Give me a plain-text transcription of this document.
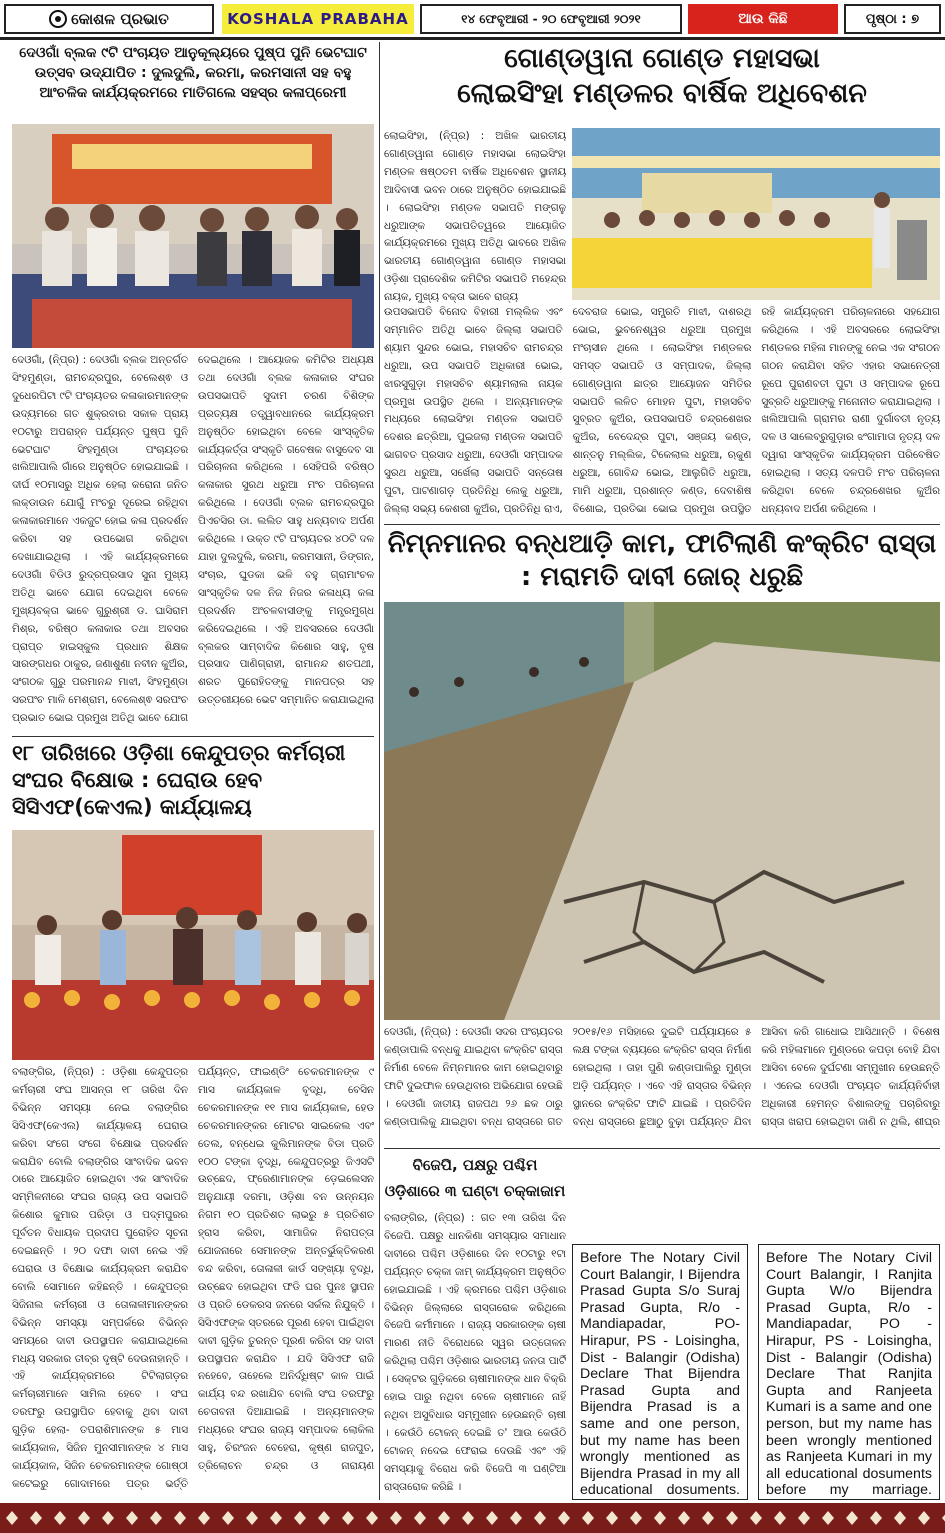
କୋଶଳ ପ୍ରଭାତ	KOSHALA PRABAHA	୧୪ ଫେବୃଆରୀ - ୨୦ ଫେବୃଆରୀ ୨୦୨୧	ଆଉ କିଛି	ପୃଷ୍ଠା : ୭
ଦେଓଗାଁ ବ୍ଲକ ୯ଟି ପଂଚାୟତ ଆନୁକୂଲ୍ୟରେ ପୁଷ୍ପ ପୁନି ଭେଟଘାଟ ଉତ୍ସବ ଉଦ୍‌ଯାପିତ : ଦୁଲଦୁଲି, କରମା, କରମସାନୀ ସହ ବହୁ ଆଂଚଳିକ କାର୍ଯ୍ୟକ୍ରମରେ ମାତିଗଲେ ସହସ୍ର କଳାପ୍ରେମୀ
ଦେଓଗାଁ, (ନି୍ପ୍ର) : ଦେଓଗାଁ ବ୍ଲକ ଅନ୍ତର୍ଗତ ସିଂହମୁଣ୍ଡା, ରାମଚନ୍ଦ୍ରପୁର, ବେଲେଶ୍ଵ ଓ ଦୁଧେରପିଟା ୯ଟି ପଂଚାୟତର କଳାକାରମାନଙ୍କ ଉଦ୍ୟମରେ ଗତ ଶୁକ୍ରବାର ସକାଳ ପ୍ରାୟ ୧୦ଟାରୁ ଅପରାହ୍ନ ପର୍ଯ୍ୟନ୍ତ ପୁଷ୍ପ ପୁନି ଭେଟଘାଟ ସିଂହମୁଣ୍ଡା ପଂଚାୟତର ଖଲିଆପାଲି ଗାଁରେ ଅନୁଷ୍ଠିତ ହୋଇଯାଇଛି । ଦୀର୍ଘ ୧୦ମାସରୁ ଅଧିକ ହେଲା କରୋନା ଜନିତ ଲକ୍‌ଡାଉନ ଯୋଗୁଁ ମଂଚରୁ ଦୂରେଇ ରହିଥିବା କଳାକାରମାନେ ଏକଜୁଟ ହୋଇ କଳା ପ୍ରଦର୍ଶନ କରିବା ସହ ଉପଭୋଗ କରିଥିବା ଦେଖାଯାଇଥିଲା । ଏହି କାର୍ଯ୍ୟକ୍ରମରେ ଦେଓଗାଁ ବିଡିଓ ରୁଦ୍ରପ୍ରସାଦ ସୁନା ମୁଖ୍ୟ ଅତିଥି ଭାବେ ଯୋଗ ଦେଇଥିବା ବେଳେ ମୁଖ୍ୟବକ୍ତା ଭାବେ ଗୁରୁଶ୍ରୀ ଡ. ଘାସିରାମ ମିଶ୍ର, ବରିଷ୍ଠ କଳାକାର ତଥା ଅବସର ପ୍ରାପ୍ତ ହାଇସ୍କୁଲ ପ୍ରଧାନ ଶିକ୍ଷକ ସାରଙ୍ଗଧର ଠାକୁର, ଜଣାଶୁଣା ନବୀନ କୁଅଁର, ସଂଗଠକ ଗୁରୁ ପରମାନନ୍ଦ ମାଝୀ, ସିଂହମୁଣ୍ଡା ସରପଂଚ ମାଳି ମେଶ୍ରାମ, ବେଲେଶ୍ଵ ସରପଂଚ ପ୍ରଭାତ ଭୋଇ ପ୍ରମୁଖ ଅତିଥି ଭାବେ ଯୋଗ ଦେଇଥିଲେ । ଆୟୋଜକ କମିଟିର ଅଧ୍ୟକ୍ଷ ତଥା ଦେଓଗାଁ ବ୍ଲକ କଳାକାର ସଂଘର ଉପସଭାପତି ସୁଦାମ ଚରଣ ବିଶିଙ୍କ ପ୍ରତ୍ୟକ୍ଷ ତତ୍ତ୍ୱାବଧାନରେ କାର୍ଯ୍ୟକ୍ରମ ଅନୁଷ୍ଠିତ ହୋଇଥିବା ବେଳେ ସାଂସ୍କୃତିକ କାର୍ଯ୍ୟକର୍ତ୍ତା ସଂସ୍କୃତି ଗବେଷକ ବାସୁଦେବ ସା ପରିଚାଳନା କରିଥିଲେ । ସେହିପରି ବରିଷ୍ଠ କଳାକାର ସୁରଥ ଧରୁଆ ମଂଚ ପରିଚାଳନା କରିଥିଲେ । ଦେଓଗାଁ ବ୍ଲକ ରାମଚନ୍ଦ୍ରପୁର ପିଏଚସିର ଡା. ଲଲିତ ସାହୁ ଧନ୍ୟବାଦ ଅର୍ପଣ କରିଥିଲେ । ଉକ୍ତ ୯ଟି ପଂଚାୟତର ୪୦ଟି ଦଳ ଯାହା ଦୁଲଦୁଲି, କରମା, କରମସାନୀ, ଡିଙ୍ଗନ, ସଂଚାର, ଘୁଡକା ଭଳି ବହୁ ଗ୍ରାମାଂଚଳ ସାଂସ୍କୃତିକ ଦଳ ନିଜ ନିଜର କଳାଧ୍ୟ କଳା ପ୍ରଦର୍ଶନ ଅଂଚଳବାସୀଙ୍କୁ ମନ୍ତ୍ରମୁଗ୍ଧ କରିଦେଇଥିଲେ । ଏହି ଅବସରରେ ଦେଓଗାଁ ବ୍ଲକର ସାମ୍ବାଦିକ କିଶୋର ସାହୁ, ବୃଷ ପ୍ରସାଦ ପାଣିଗ୍ରାହୀ, ରାମାନନ୍ଦ ଶତପଥୀ, ଶରତ ପୁରୋହିତଙ୍କୁ ମାନପତ୍ର ସହ ଉତ୍ତରୀୟରେ ଭେଟ ସମ୍ମାନିତ କରାଯାଇଥିଲା
୧୮ ତାରିଖରେ ଓଡ଼ିଶା କେନ୍ଦୁପତ୍ର କର୍ମଚାରୀ ସଂଘର ବିକ୍ଷୋଭ : ଘେରାଉ ହେବ ସିସିଏଫ(କେଏଲ) କାର୍ଯ୍ୟାଳୟ
ବଲାଙ୍ଗିର, (ନି୍ପ୍ର) : ଓଡ଼ିଶା କେନ୍ଦୁପତ୍ର କର୍ମଚାରୀ ସଂଘ ଆସନ୍ତା ୧୮ ତାରିଖ ଦିନ ବିଭିନ୍ନ ସମସ୍ୟା ନେଇ ବଲାଙ୍ଗିର ସିସିଏଫ(କେଏଲ) କାର୍ଯ୍ୟାଳୟ ଘେରାଉ କରିବା ସଂଗେ ସଂଗେ ବିକ୍ଷୋଭ ପ୍ରଦର୍ଶନ କରାଯିବ ବୋଲି ବଲାଙ୍ଗିର ସାଂବାଦିକ ଭବନ ଠାରେ ଆୟୋଜିତ ହୋଇଥିବା ଏକ ସାଂବାଦିକ ସମ୍ମିଳନୀରେ ସଂଘର ରାଜ୍ୟ ଉପ ସଭାପତି କିଶୋର କୁମାର ପରିଡ଼ା ଓ ପଦ୍ମପୁରର ପୂର୍ବତନ ବିଧାୟକ ପ୍ରଦୀପ ପୁରୋହିତ ସୂଚନା ଦେଇଛନ୍ତି । ୨୦ ଦଫା ଦାବୀ ନେଇ ଏହି ଘେରାଉ ଓ ବିକ୍ଷୋଭ କାର୍ଯ୍ୟକ୍ରମ କରାଯିବ ବୋଲି ସୋମାନେ କହିଛନ୍ତି । କେନ୍ଦୁପତ୍ର ସିଜିନାଲ କର୍ମଚାରୀ ଓ ତୋଳାଳୀମାନଙ୍କର ବିଭିନ୍ନ ସମସ୍ୟା ସମ୍ପର୍କରେ ବିଭିନ୍ନ ସମୟରେ ଦାବୀ ଉପସ୍ଥାପନ କରାଯାଇଥିଲେ ମଧ୍ୟ ସରକାର ତୀବ୍ର ଦୃଷ୍ଟି ଦେଉନାହାନ୍ତି । ଏହି କାର୍ଯ୍ୟକ୍ରମରେ ଟିଟିଲାଗଡ଼ର କର୍ମଚାରୀମାନେ ସାମିଲ ହେବେ । ସଂଘ ତରଫରୁ ଉପସ୍ଥାପିତ ହେବାକୁ ଥିବା ଦାବୀ ଗୁଡ଼ିକ ହେଲା- ତପରାଶିମାନଙ୍କ ୫ ମାସ କାର୍ଯ୍ୟକାଳ, ସିଜିନ ମୁନସୀମାନଙ୍କ ୪ ମାସ କାର୍ଯ୍ୟକାଳ, ସିଜିନ ଚେକରମାନଙ୍କ ଗୋଷ୍ଠୀ କଟେଇରୁ ଗୋଦାମରେ ପତ୍ର ଭର୍ତ୍ତି ପର୍ଯ୍ୟନ୍ତ, ଫାଇଣ୍ଡିଂ ଚେକରମାନଙ୍କ ୯ ମାସ କାର୍ଯ୍ୟକାଳ ବୃଦ୍ଧି, ବେସିନ ଚେକରମାନଙ୍କ ୧୧ ମାସ କାର୍ଯ୍ୟକାଳ, ହେଡ ଚେକରମାନଙ୍କର ମୋଟର ସାଇକେଲ ଏବଂ ତେଲ, ବନ୍ଧେଇ କୁଲିମାନଙ୍କ ବିଡା ପ୍ରତି ୧୦୦ ଟଙ୍କା ବୃଦ୍ଧି, କେନ୍ଦୁପତ୍ରରୁ ଜିଏସଟି ଉଚ୍ଛେଦ, ଫ୍ରେଣାମାନଙ୍କ ଡ଼େଇଲେସନ ଅନୁଯାୟୀ ଦରମା, ଓଡ଼ିଶା ବନ ଉନ୍ନୟନ ନିଗମ ୧୦ ପ୍ରତିଶତ ଲାଭରୁ ୫ ପ୍ରତିଶତ ହ୍ରାସ କରିବା, ସାମାଜିକ ନିରାପତ୍ତା ଯୋଜନାରେ ସେମାନଙ୍କ ଅନ୍ତର୍ଭୁକ୍ତିକରଣ ବନ୍ଦ କରିବା, ତୋଳାଳୀ କାର୍ଡ ସଙ୍ଖ୍ୟା ବୃଦ୍ଧି, ଉଚ୍ଛେଦ ହୋଇଥିବା ଫଡି ଘର ପୁନଃ ସ୍ଥାପନ ଓ ପ୍ରତି ଡେକରସ ଜନରେ ସର୍କଲ ନିଯୁକ୍ତି । ସିସିଏଫଙ୍କ ସ୍ତରରେ ପୂରଣ ହେବା ପାଇଁଥିବା ଦାବୀ ଗୁଡ଼ିକ ତୁରନ୍ତ ପୂରଣ କରିବା ସହ ଦାବୀ ଉପସ୍ଥାପନ କରାଯିବ । ଯଦି ସିସିଏଫ ରାଜି ନହେବେ, ତାହେଲେ ଅନିର୍ଦ୍ଧିଷ୍ଟ କାଳ ପାଇଁ କାର୍ଯ୍ୟ ବନ୍ଦ ରଖାଯିବ ବୋଲି ସଂଘ ତରଫରୁ ଚେତାବନୀ ଦିଆଯାଇଛି । ଅନ୍ୟମାନଙ୍କ ମଧ୍ୟରେ ସଂଘର ରାଜ୍ୟ ସମ୍ପାଦକ ଲୋକିଲ ସାହୁ, ଚିରଂଜନ ବେହେରା, କୃଷ୍ଣ ରାଜପୁତ, ତ୍ରିଲୋଚନ ଚନ୍ଦ୍ର ଓ ନାରାୟଣ
ଗୋଣ୍ଡୱାନା ଗୋଣ୍ଡ ମହାସଭା
ଲୋଇସିଂହା ମଣ୍ଡଳର ବାର୍ଷିକ ଅଧିବେଶନ
ଲୋଇସିଂହା, (ନି୍ପ୍ର) : ଅଖିଳ ଭାରତୀୟ ଗୋଣ୍ଡୱାନା ଗୋଣ୍ଡ ମହାସଭା ଲୋଇସିଂହା ମଣ୍ଡଳ ଷଷ୍ଠତମ ବାର୍ଷିକ ଅଧିବେଶନ ସ୍ଥାନୀୟ ଆଦିବାସୀ ଭବନ ଠାରେ ଅନୁଷ୍ଠିତ ହୋଇଯାଇଛି । ଲୋଇସିଂହା ମଣ୍ଡଳ ସଭାପତି ମଙ୍ଗଳୁ ଧରୁଆଙ୍କ ସଭାପତିତ୍ୱରେ ଆୟୋଜିତ କାର୍ଯ୍ୟକ୍ରମରେ ମୁଖ୍ୟ ଅତିଥି ଭାବରେ ଅଖିଳ ଭାରତୀୟ ଗୋଣ୍ଡୱାନା ଗୋଣ୍ଡ ମହାସଭା ଓଡ଼ିଶା ପ୍ରାଦେଶିକ କମିଟିର ସଭାପତି ମହେନ୍ଦ୍ର ନାୟକ, ମୁଖ୍ୟ ବକ୍ତା ଭାବେ ରାଜ୍ୟ
ଉପସଭାପତି ବିନୋଦ ବିହାରୀ ମଲ୍ଲିକ ଏବଂ ସମ୍ମାନିତ ଅତିଥି ଭାବେ ଜିଲ୍ଲା ସଭାପତି ଶ୍ୟାମ ସୁନ୍ଦର ଭୋଇ, ମହାସଚିବ ରାମଚନ୍ଦ୍ର ଧରୁଆ, ଉପ ସଭାପତି ଅଧିକାରୀ ଭୋଇ, ଝାରସୁଗୁଡ଼ା ମହାସଚିବ ଶ୍ୟାମଲାଲ ନାୟକ ପ୍ରମୁଖ ଉପସ୍ଥିତ ଥିଲେ । ଅନ୍ୟମାନଙ୍କ ମଧ୍ୟରେ ଲୋଇସିଂହା ମଣ୍ଡଳ ସଭାପତି ଦେଶର ଛତ୍ରିଆ, ପୁଇଜଲା ମଣ୍ଡଳ ସଭାପତି ଭାଗବତ ପ୍ରସାଦ ଧରୁଆ, ଦେଓଗାଁ ସମ୍ପାଦକ ସୁରଥ ଧରୁଆ, ସର୍ଖେଲା ସଭାପତି ସନ୍ତୋଷ ପୁଟା, ପାଟଣାଗଡ଼ ପ୍ରତିନିଧି ଲେକୁ ଧରୁଆ, ଜିଲ୍ଲା ସଭ୍ୟ କେଶରୀ କୁଅଁର, ପ୍ରତିନିଧି ରାଏ, ଦେବରାଜ ଭୋଇ, ସମ୍ପ୍ରତି ମାଝୀ, ଦାଶରଥି ଭୋଇ, ଭୁବନେଶ୍ୱର ଧରୁଆ ପ୍ରମୁଖ ମଂଚାସୀନ ଥିଲେ । ଲୋଇସିଂହା ମଣ୍ଡଳର ସମସ୍ତ ସଭାପତି ଓ ସମ୍ପାଦକ, ଜିଲ୍ଲା ଗୋଣ୍ଡୱାନା ଛାତ୍ର ଆୟୋଜନ ସମିତିର ସଭାପତି ଲଳିତ ମୋହନ ପୁଟା, ମହାସଚିବ ସୁବ୍ରତ କୁଅଁର, ଉପସଭାପତି ଚନ୍ଦ୍ରଶେଖର କୁଅଁର, ବେଦେନ୍ଦ୍ର ପୁଟା, ସଞ୍ଜୟ କଣ୍ଡ, ଶାନ୍ତନୁ ମଲ୍ଲିକ, ଟିକେଲାଲ ଧରୁଆ, ଋକୁଣ ଧରୁଆ, ଗୋବିନ୍ଦ ଭୋଇ, ଆଲୁଗିତି ଧରୁଆ, ମାମି ଧରୁଆ, ପ୍ରଶାନ୍ତ କଣ୍ଡ, ଦେବାଶିଷ ବିଶୋଇ, ପ୍ରତିଭା ଭୋଇ ପ୍ରମୁଖ ଉପସ୍ଥିତ ରହି କାର୍ଯ୍ୟକ୍ରମ ପରିଚାଳନାରେ ସହଯୋଗ କରିଥିଲେ । ଏହି ଅବସରରେ ଲୋଇସିଂହା ମଣ୍ଡଳର ମହିଳା ମାନଙ୍କୁ ନେଇ ଏକ ସଂଗଠନ ଗଠନ କରାଯିବା ସହିତ ଏହାର ସଭାନେତ୍ରୀ ରୂପେ ପୁରାଣବତୀ ପୁଟା ଓ ସମ୍ପାଦକ ରୂପେ ସୁବ୍ରତି ଧରୁଆଙ୍କୁ ମନୋନୀତ କରାଯାଇଥିଲା । ଖଲିଆପାଲି ଗ୍ରାମର ରାଣୀ ଦୁର୍ଗାବତୀ ନୃତ୍ୟ ଦଳ ଓ ସାଲେବ୍ରୁଗୁଡ଼ାର ଝଂଗାମାତା ନୃତ୍ୟ ଦଳ ଦ୍ୱାରା ସାଂସ୍କୃତିକ କାର୍ଯ୍ୟକ୍ରମ ପରିବେଷିତ ହୋଇଥିଲା । ସତ୍ୟ ଦଳପତି ମଂଚ ପରିଚାଳନା କରିଥିବା ବେଳେ ଚନ୍ଦ୍ରଶେଖର କୁଅଁର ଧନ୍ୟବାଦ ଅର୍ପଣ କରିଥିଲେ ।
ନିମ୍ନମାନର ବନ୍ଧଆଡ଼ି କାମ, ଫାଟିଲାଣି କଂକ୍ରିଟ ରାସ୍ତା : ମରାମତି ଦାବୀ ଜୋର୍ ଧରୁଛି
ଦେଓଗାଁ, (ନି୍ପ୍ର) : ଦେଓଗାଁ ସଦର ପଂଚାୟତର କଣ୍ଡାପାଲି ବନ୍ଧକୁ ଯାଇଥିବା କଂକ୍ରିଟ ରାସ୍ତା ନିର୍ମାଣ ବେଳେ ନିମ୍ନମାନର କାମ ହୋଇଥିବାରୁ ଫାଟି ଦୁଇଫାଳ ହେଉଥିବାର ଅଭିଯୋଗ ହେଉଛି । ଦେଓଗାଁ ଜାତୀୟ ରାଜପଥ ୨୬ ଛକ ଠାରୁ କଣ୍ଡାପାଲିକୁ ଯାଇଥିବା ବନ୍ଧ ରାସ୍ତାରେ ଗତ ୨୦୧୫/୧୬ ମସିହାରେ ଦୁଇଟି ପର୍ଯ୍ୟାୟରେ ୫ ଲକ୍ଷ ଟଙ୍କା ବ୍ୟୟରେ କଂକ୍ରିଟ ରାସ୍ତା ନିର୍ମାଣ ହୋଇଥିଲା । ତାହା ପୁଣି କଣ୍ଡାପାଲିରୁ ମୁଣ୍ଡା ଅଡ଼ି ପର୍ଯ୍ୟନ୍ତ । ଏବେ ଏହି ରାସ୍ତାର ବିଭିନ୍ନ ସ୍ଥାନରେ କଂକ୍ରିଟ ଫାଟି ଯାଇଛି । ପ୍ରତିଦିନ ବନ୍ଧ ରାସ୍ତାରେ ଛୁଆଠୁ ବୁଢ଼ା ପର୍ଯ୍ୟନ୍ତ ଯିବା ଆସିବା କରି ଗାଧୋଇ ଆସିଥାନ୍ତି । ବିଶେଷ କରି ମହିଳାମାନେ ମୁଣ୍ଡରେ କପଡ଼ା ବୋହି ଯିବା ଆସିବା ବେଳେ ଦୁର୍ଘଟଣା ସମ୍ମୁଖୀନ ହେଉଛନ୍ତି । ଏନେଇ ଦେଓଗାଁ ପଂଚାୟତ କାର୍ଯ୍ୟନିର୍ବାହୀ ଅଧିକାରୀ ହେମନ୍ତ ବିଶାଲଙ୍କୁ ପଚାରିବାରୁ ରାସ୍ତା ଖରାପ ହୋଇଥିବା ଜାଣି ନ ଥିଲି, ଶୀଘ୍ର
ବିଜେପି, ପକ୍ଷରୁ ପଶ୍ଚିମ
ଓଡ଼ିଶାରେ ୩ ଘଣ୍ଟା ଚକ୍କାଜାମ
ବଲାଙ୍ଗିର, (ନି୍ପ୍ର) : ଗତ ୧୩ ତାରିଖ ଦିନ ବିଜେପି. ପକ୍ଷରୁ ଧାନକିଣା ସମସ୍ୟାର ସମାଧାନ ଦାବୀରେ ପଶ୍ଚିମ ଓଡ଼ିଶାରେ ଦିନ ୧୦ଟାରୁ ୧ଟା ପର୍ଯ୍ୟନ୍ତ ଚକ୍କା ଜାମ୍ କାର୍ଯ୍ୟକ୍ରମ ଅନୁଷ୍ଠିତ ହୋଇଯାଇଛି । ଏହି କ୍ରମରେ ପଶ୍ଚିମ ଓଡ଼ିଶାର ବିଭିନ୍ନ ଜିଲ୍ଲାରେ ରାସ୍ତାରୋକ କରିଥିଲେ ବିଜେପି କର୍ମୀମାନେ । ରାଜ୍ୟ ସରକାରଙ୍କ ଚାଷୀ ମାରଣ ନୀତି ବିରୋଧରେ ସ୍ୱର ଉତ୍ତୋଳନ କରିଥିଲା ପଶ୍ଚିମ ଓଡ଼ିଶାର ଭାରତୀୟ ଜନତା ପାର୍ଟି । ସେକ୍ଟର ଗୁଡ଼ିକରେ ଚାଷୀମାନଙ୍କ ଧାନ ବିକ୍ରି ହୋଇ ପାରୁ ନଥିବା ବେଳେ ଚାଷୀମାନେ ନାହିଁ ନଥିବା ଅସୁବିଧାର ସମ୍ମୁଖୀନ ହେଉଛନ୍ତି ଚାଷୀ । କେଉଁଠି ଟୋକନ୍ ଦେଇଛି ତ' ଆଉ କେଉଁଠି ଟୋକନ୍ ନଦେଇ ଫେରାଇ ଦେଉଛି ଏବଂ ଏହି ସମସ୍ୟାକୁ ବିରୋଧ କରି ବିଜେପି ୩ ଘଣ୍ଟିଆ ରାସ୍ତାରୋକ କରିଛି ।
Before The Notary Civil Court Balangir, I Bijendra Prasad Gupta S/o Suraj Prasad Gupta, R/o - Mandiapadar, PO- Hirapur, PS - Loisingha, Dist - Balangir (Odisha) Declare That Bijendra Prasad Gupta and Bijendra Prasad is a same and one person, but my name has been wrongly mentioned as Bijendra Prasad in my all educational dosuments.
Before The Notary Civil Court Balangir, I Ranjita Gupta W/o Bijendra Prasad Gupta, R/o - Mandiapadar, PO - Hirapur, PS - Loisingha, Dist - Balangir (Odisha) Declare That Ranjita Gupta and Ranjeeta Kumari is a same and one person, but my name has been wrongly mentioned as Ranjeeta Kumari in my all educational dosuments before my marriage.
